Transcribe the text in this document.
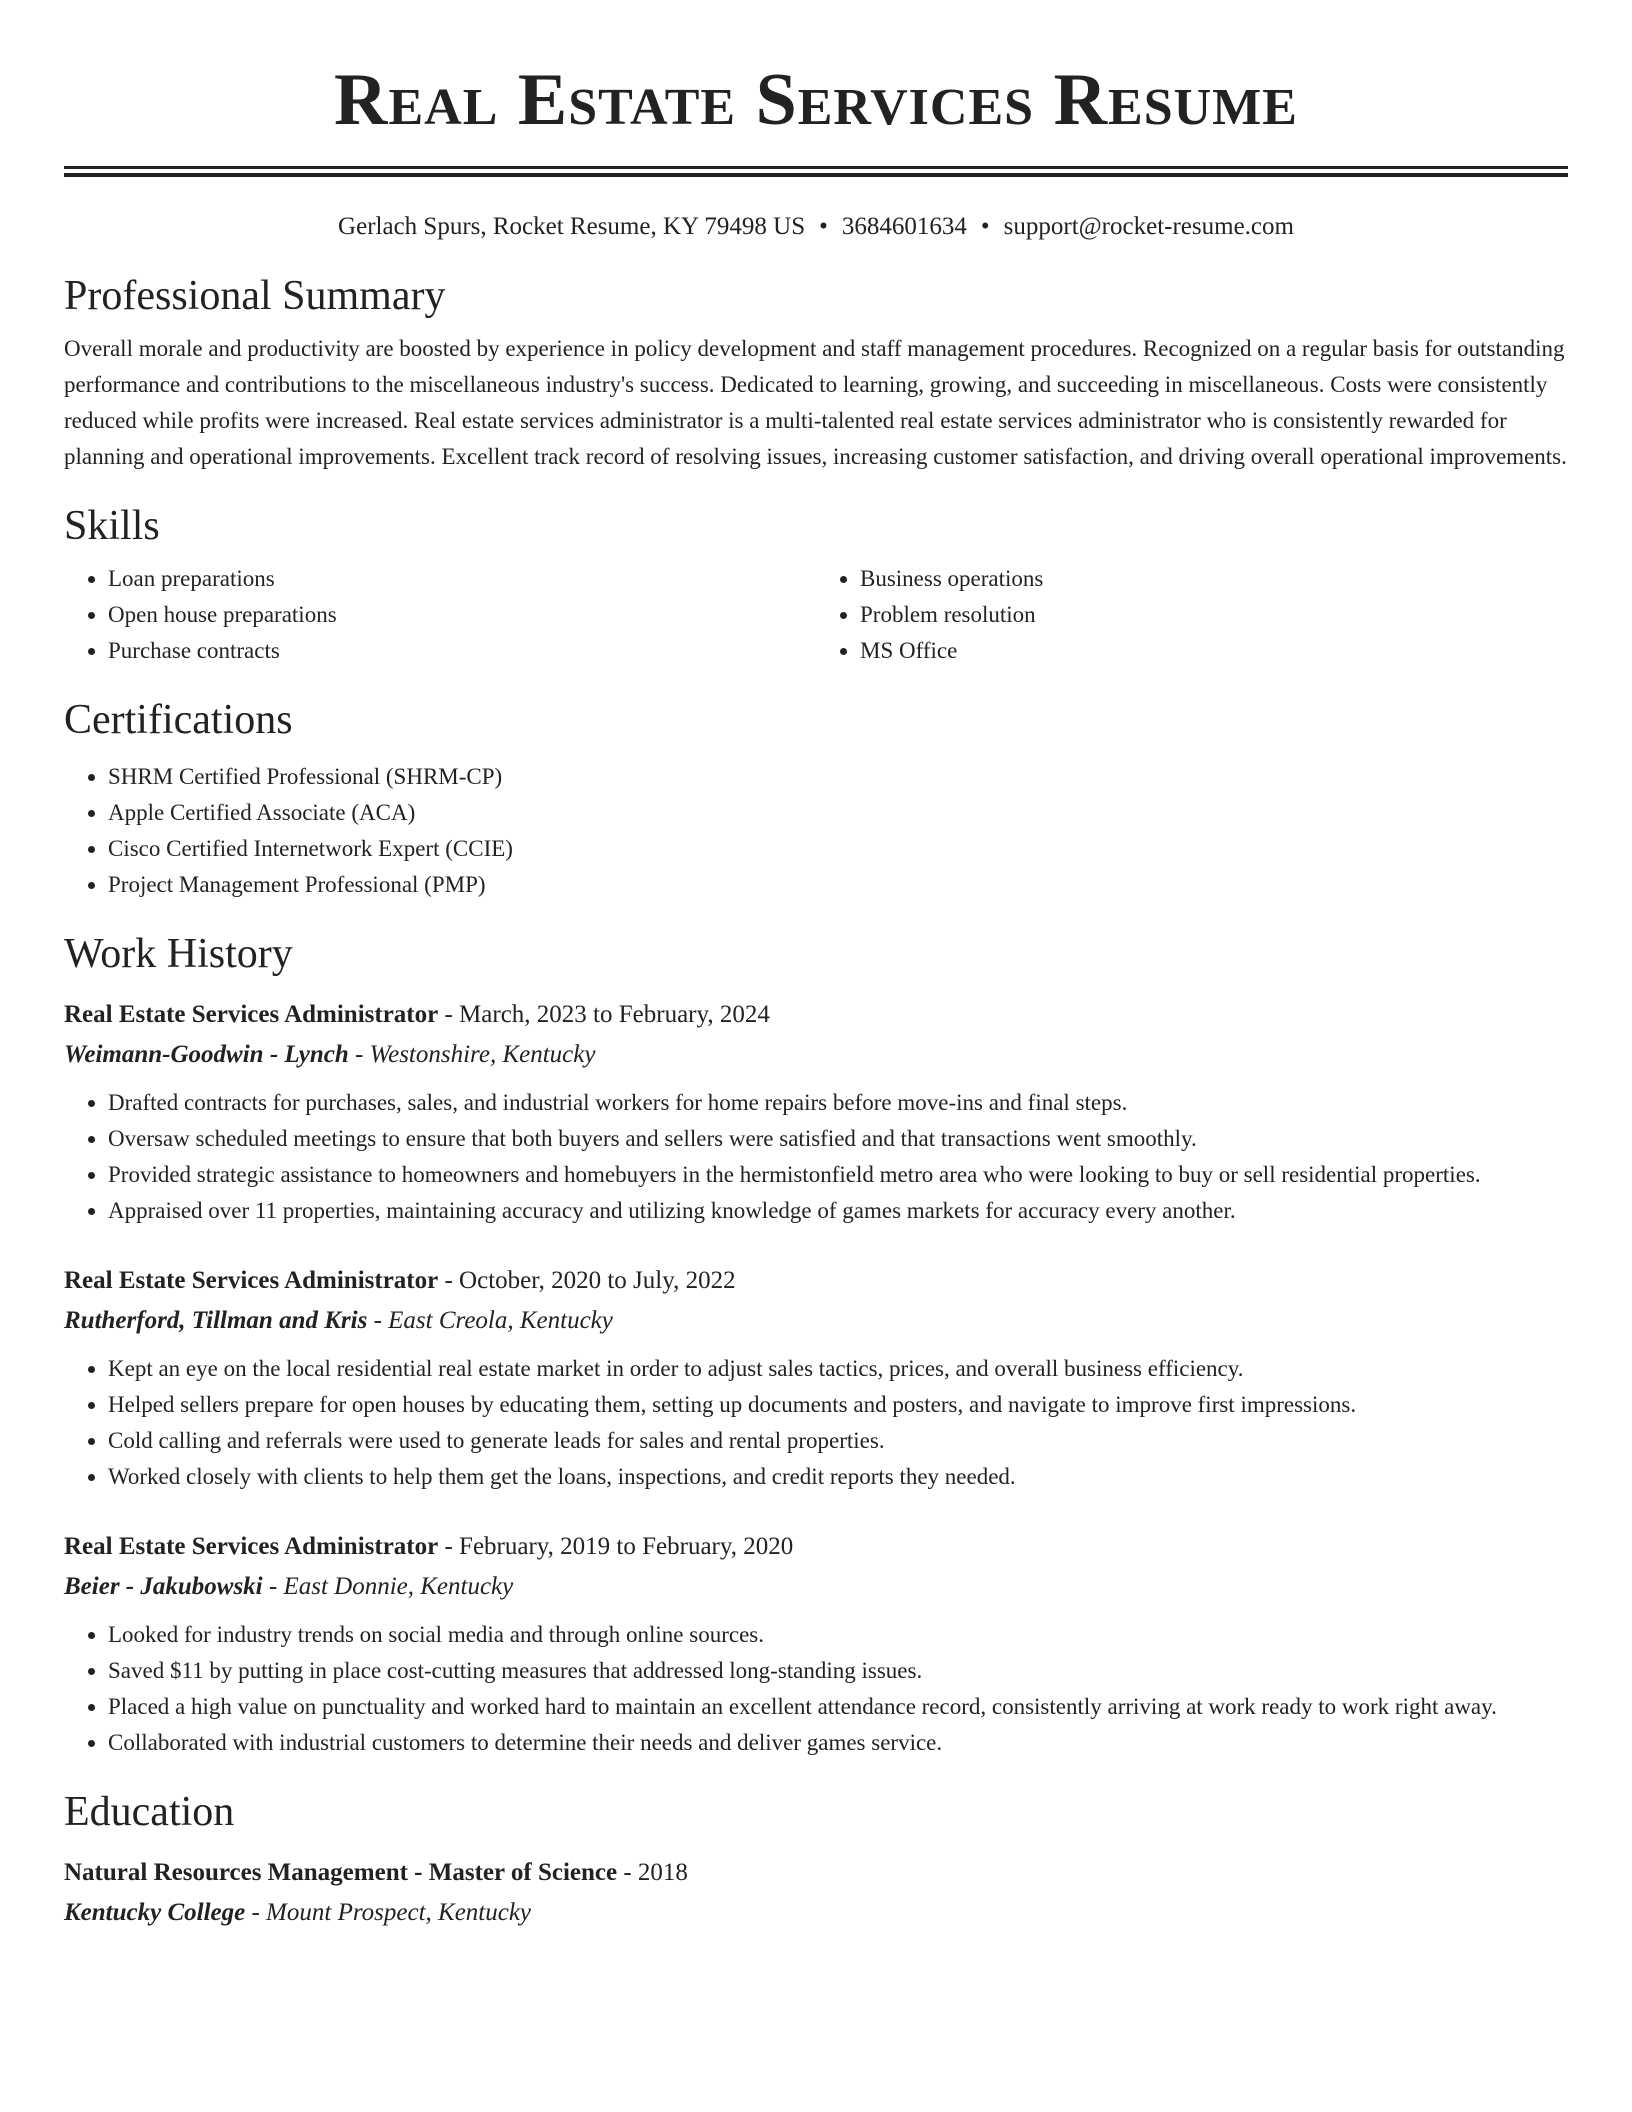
Real Estate Services Resume
Gerlach Spurs, Rocket Resume, KY 79498 US • 3684601634 • support@rocket-resume.com
Professional Summary
Overall morale and productivity are boosted by experience in policy development and staff management procedures. Recognized on a regular basis for outstanding performance and contributions to the miscellaneous industry's success. Dedicated to learning, growing, and succeeding in miscellaneous. Costs were consistently reduced while profits were increased. Real estate services administrator is a multi-talented real estate services administrator who is consistently rewarded for planning and operational improvements. Excellent track record of resolving issues, increasing customer satisfaction, and driving overall operational improvements.
Skills
• Loan preparations
• Open house preparations
• Purchase contracts
• Business operations
• Problem resolution
• MS Office
Certifications
• SHRM Certified Professional (SHRM-CP)
• Apple Certified Associate (ACA)
• Cisco Certified Internetwork Expert (CCIE)
• Project Management Professional (PMP)
Work History
Real Estate Services Administrator - March, 2023 to February, 2024
Weimann-Goodwin - Lynch - Westonshire, Kentucky
• Drafted contracts for purchases, sales, and industrial workers for home repairs before move-ins and final steps.
• Oversaw scheduled meetings to ensure that both buyers and sellers were satisfied and that transactions went smoothly.
• Provided strategic assistance to homeowners and homebuyers in the hermistonfield metro area who were looking to buy or sell residential properties.
• Appraised over 11 properties, maintaining accuracy and utilizing knowledge of games markets for accuracy every another.
Real Estate Services Administrator - October, 2020 to July, 2022
Rutherford, Tillman and Kris - East Creola, Kentucky
• Kept an eye on the local residential real estate market in order to adjust sales tactics, prices, and overall business efficiency.
• Helped sellers prepare for open houses by educating them, setting up documents and posters, and navigate to improve first impressions.
• Cold calling and referrals were used to generate leads for sales and rental properties.
• Worked closely with clients to help them get the loans, inspections, and credit reports they needed.
Real Estate Services Administrator - February, 2019 to February, 2020
Beier - Jakubowski - East Donnie, Kentucky
• Looked for industry trends on social media and through online sources.
• Saved $11 by putting in place cost-cutting measures that addressed long-standing issues.
• Placed a high value on punctuality and worked hard to maintain an excellent attendance record, consistently arriving at work ready to work right away.
• Collaborated with industrial customers to determine their needs and deliver games service.
Education
Natural Resources Management - Master of Science - 2018
Kentucky College - Mount Prospect, Kentucky
